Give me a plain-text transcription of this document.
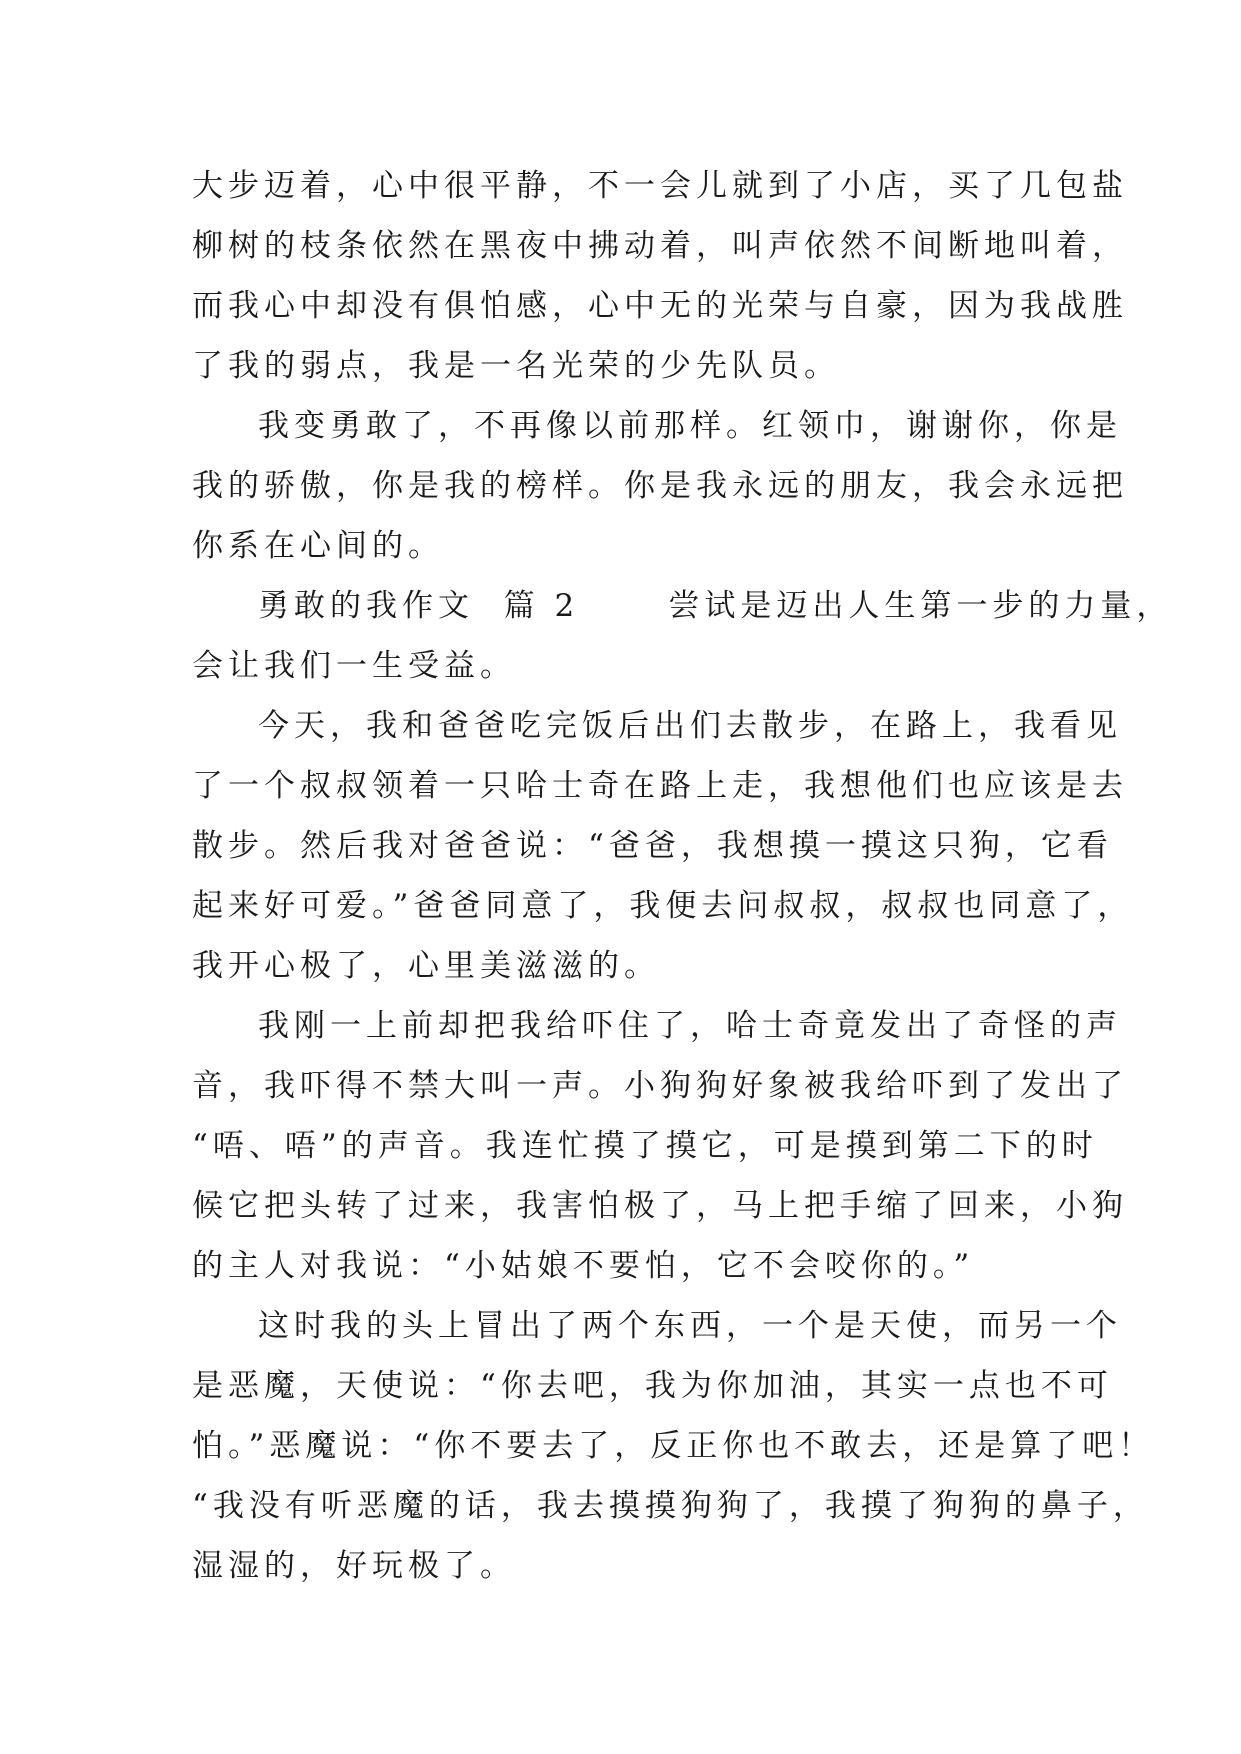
大步迈着，心中很平静，不一会儿就到了小店，买了几包盐
柳树的枝条依然在黑夜中拂动着，叫声依然不间断地叫着，
而我心中却没有俱怕感，心中无的光荣与自豪，因为我战胜
了我的弱点，我是一名光荣的少先队员。
我变勇敢了，不再像以前那样。红领巾，谢谢你，你是
我的骄傲，你是我的榜样。你是我永远的朋友，我会永远把
你系在心间的。
勇敢的我作文  篇 2      尝试是迈出人生第一步的力量，
会让我们一生受益。
今天，我和爸爸吃完饭后出们去散步，在路上，我看见
了一个叔叔领着一只哈士奇在路上走，我想他们也应该是去
散步。然后我对爸爸说：“爸爸，我想摸一摸这只狗，它看
起来好可爱。”爸爸同意了，我便去问叔叔，叔叔也同意了，
我开心极了，心里美滋滋的。
我刚一上前却把我给吓住了，哈士奇竟发出了奇怪的声
音，我吓得不禁大叫一声。小狗狗好象被我给吓到了发出了
“唔、唔”的声音。我连忙摸了摸它，可是摸到第二下的时
候它把头转了过来，我害怕极了，马上把手缩了回来，小狗
的主人对我说：“小姑娘不要怕，它不会咬你的。”
这时我的头上冒出了两个东西，一个是天使，而另一个
是恶魔，天使说：“你去吧，我为你加油，其实一点也不可
怕。”恶魔说：“你不要去了，反正你也不敢去，还是算了吧！
“我没有听恶魔的话，我去摸摸狗狗了，我摸了狗狗的鼻子，
湿湿的，好玩极了。
